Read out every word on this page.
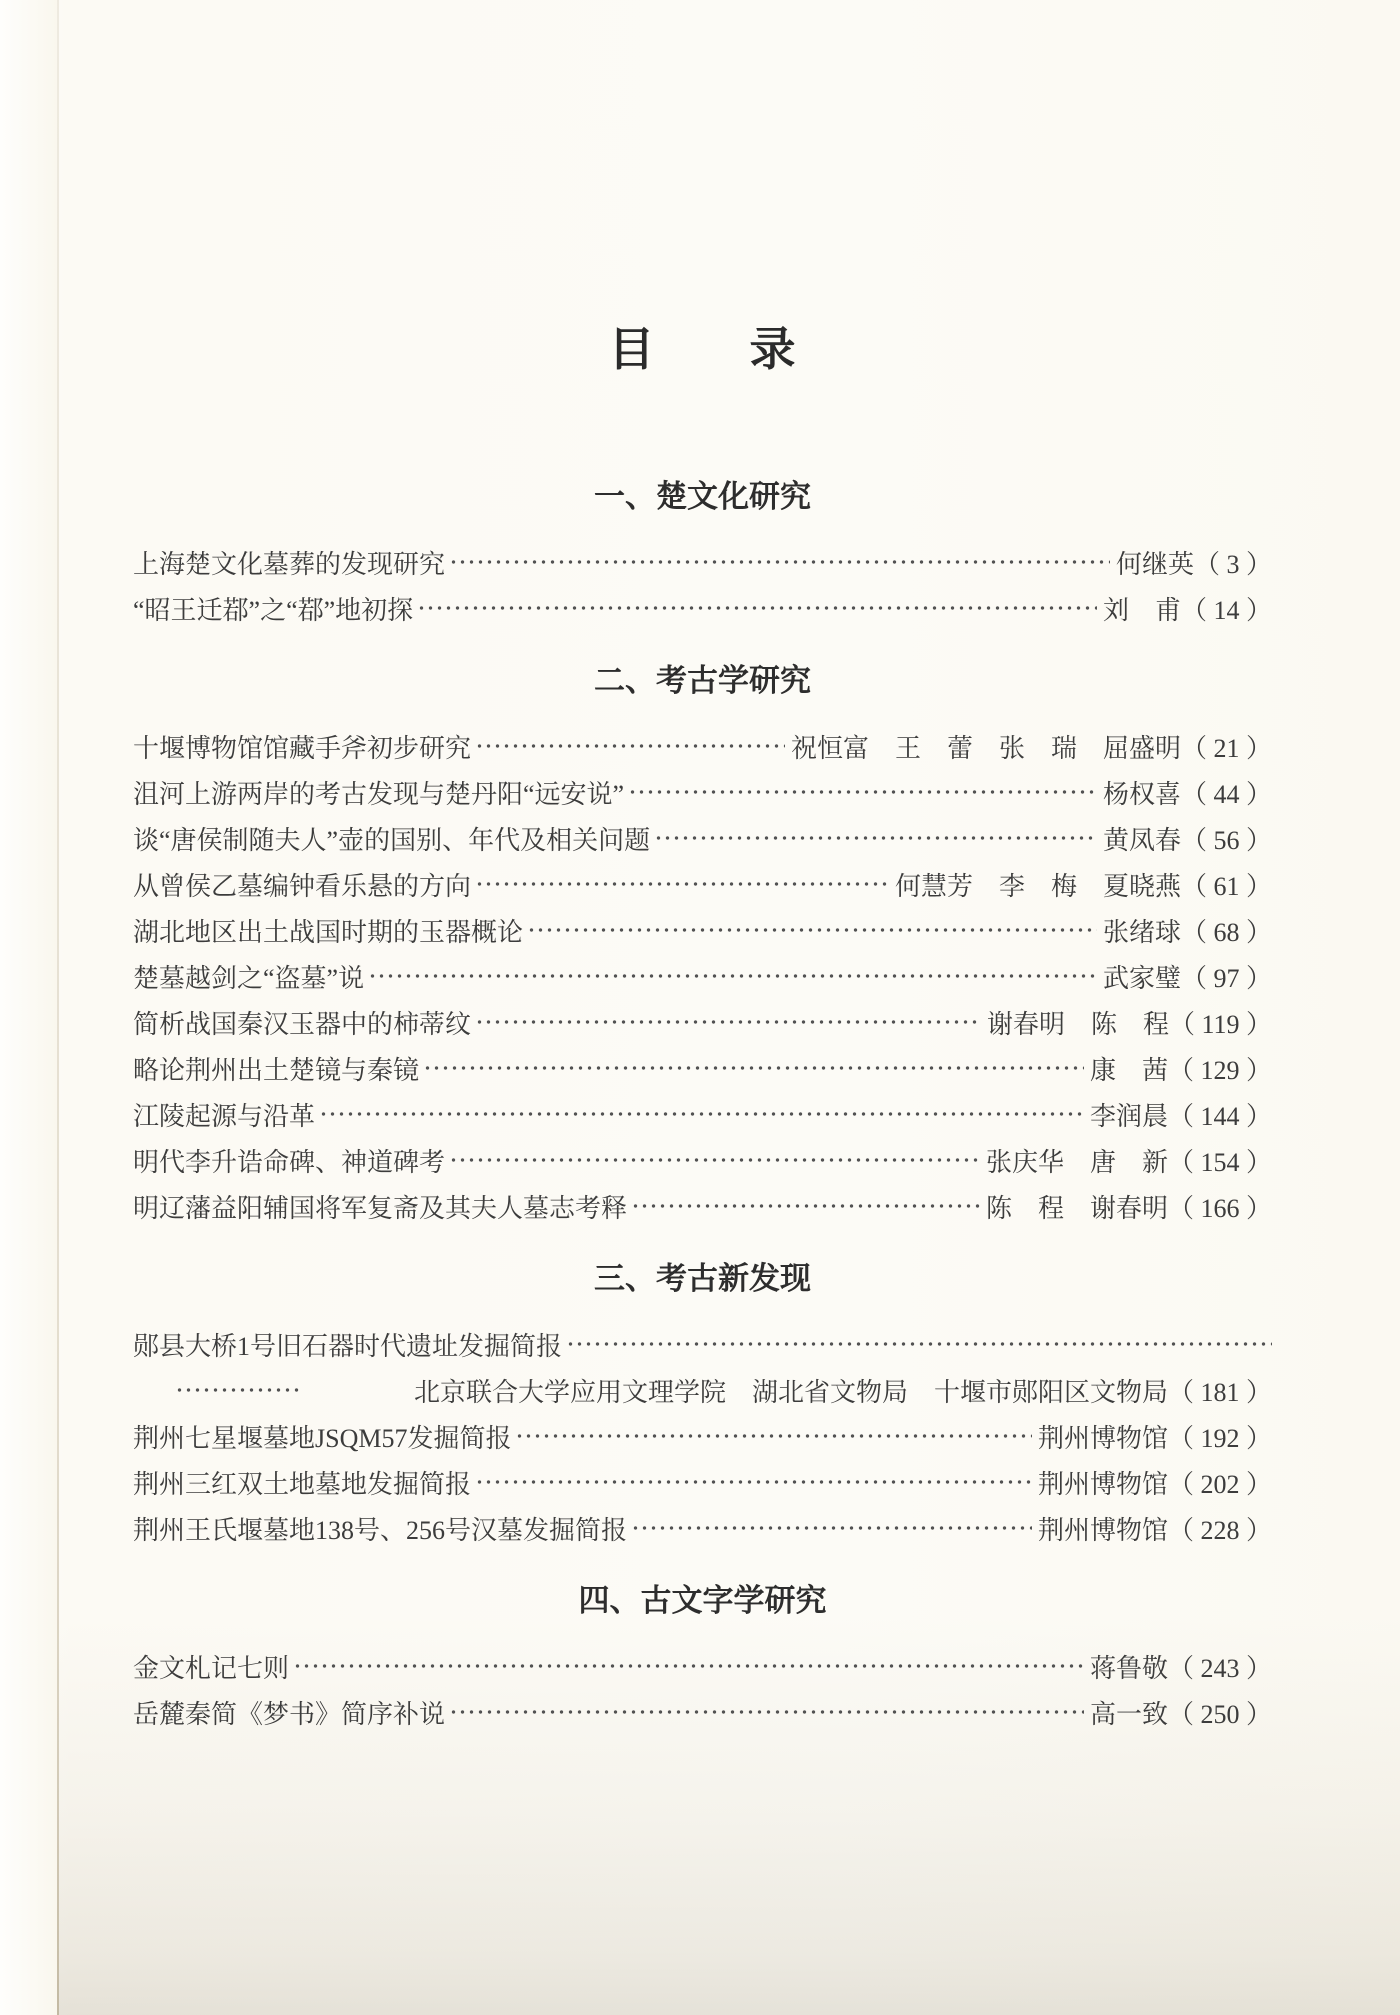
目　　录
一、楚文化研究
上海楚文化墓葬的发现研究	何继英 （ 3 ）
“昭王迁鄀”之“鄀”地初探	刘　甫 （ 14 ）
二、考古学研究
十堰博物馆馆藏手斧初步研究	祝恒富　王　蕾　张　瑞　屈盛明 （ 21 ）
沮河上游两岸的考古发现与楚丹阳“远安说”	杨权喜 （ 44 ）
谈“唐侯制随夫人”壶的国别、年代及相关问题	黄凤春 （ 56 ）
从曾侯乙墓编钟看乐悬的方向	何慧芳　李　梅　夏晓燕 （ 61 ）
湖北地区出土战国时期的玉器概论	张绪球 （ 68 ）
楚墓越剑之“盗墓”说	武家璧 （ 97 ）
简析战国秦汉玉器中的柿蒂纹	谢春明　陈　程 （ 119 ）
略论荆州出土楚镜与秦镜	康　茜 （ 129 ）
江陵起源与沿革	李润晨 （ 144 ）
明代李升诰命碑、神道碑考	张庆华　唐　新 （ 154 ）
明辽藩益阳辅国将军复斋及其夫人墓志考释	陈　程　谢春明 （ 166 ）
三、考古新发现
郧县大桥1号旧石器时代遗址发掘简报
北京联合大学应用文理学院　湖北省文物局　十堰市郧阳区文物局 （ 181 ）
荆州七星堰墓地JSQM57发掘简报	荆州博物馆 （ 192 ）
荆州三红双土地墓地发掘简报	荆州博物馆 （ 202 ）
荆州王氏堰墓地138号、256号汉墓发掘简报	荆州博物馆 （ 228 ）
四、古文字学研究
金文札记七则	蒋鲁敬 （ 243 ）
岳麓秦简《梦书》简序补说	高一致 （ 250 ）
